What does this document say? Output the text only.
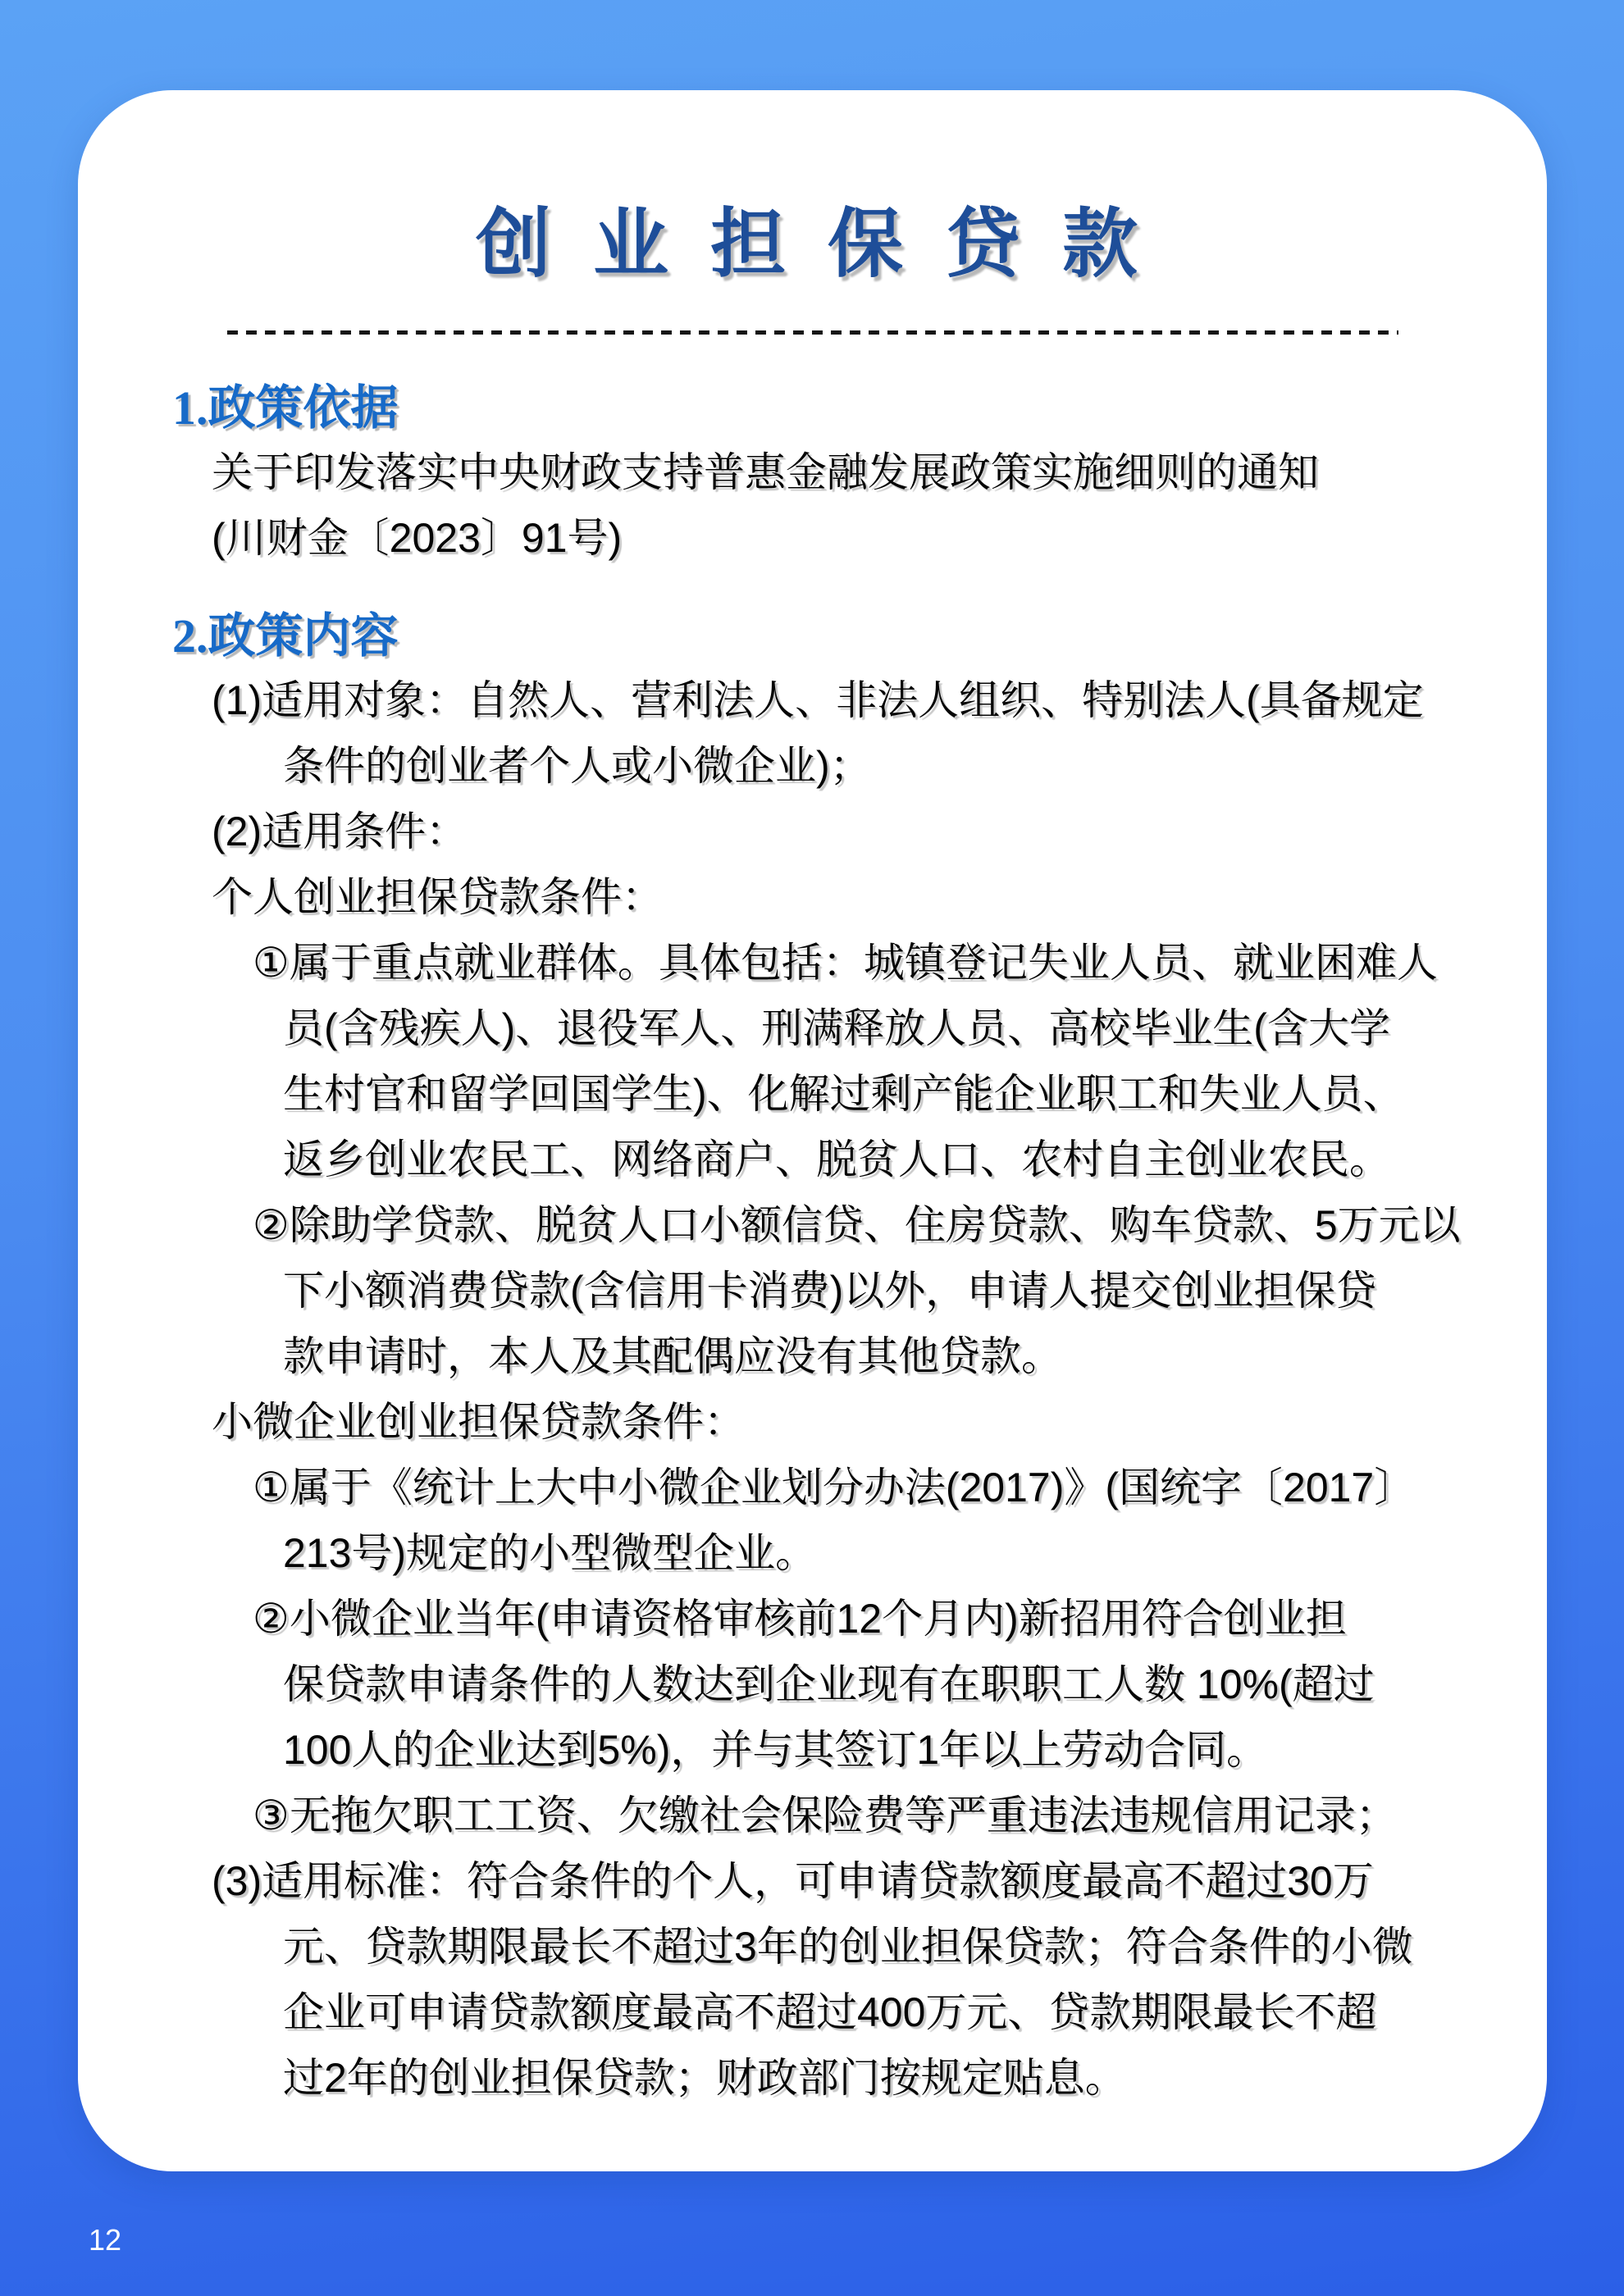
创 业 担 保 贷 款
1.政策依据

关于印发落实中央财政支持普惠金融发展政策实施细则的通知

(川财金〔2023〕91号)

2.政策内容

(1)适用对象：自然人、营利法人、非法人组织、特别法人(具备规定

条件的创业者个人或小微企业)；

(2)适用条件：

个人创业担保贷款条件：

①属于重点就业群体。具体包括：城镇登记失业人员、就业困难人

员(含残疾人)、退役军人、刑满释放人员、高校毕业生(含大学

生村官和留学回国学生)、化解过剩产能企业职工和失业人员、

返乡创业农民工、网络商户、脱贫人口、农村自主创业农民。

②除助学贷款、脱贫人口小额信贷、住房贷款、购车贷款、5万元以

下小额消费贷款(含信用卡消费)以外，申请人提交创业担保贷

款申请时，本人及其配偶应没有其他贷款。

小微企业创业担保贷款条件：

①属于《统计上大中小微企业划分办法(2017)》(国统字〔2017〕

213号)规定的小型微型企业。

②小微企业当年(申请资格审核前12个月内)新招用符合创业担

保贷款申请条件的人数达到企业现有在职职工人数 10%(超过

100人的企业达到5%)，并与其签订1年以上劳动合同。

③无拖欠职工工资、欠缴社会保险费等严重违法违规信用记录；

(3)适用标准：符合条件的个人，可申请贷款额度最高不超过30万

元、贷款期限最长不超过3年的创业担保贷款；符合条件的小微

企业可申请贷款额度最高不超过400万元、贷款期限最长不超

过2年的创业担保贷款；财政部门按规定贴息。

12
